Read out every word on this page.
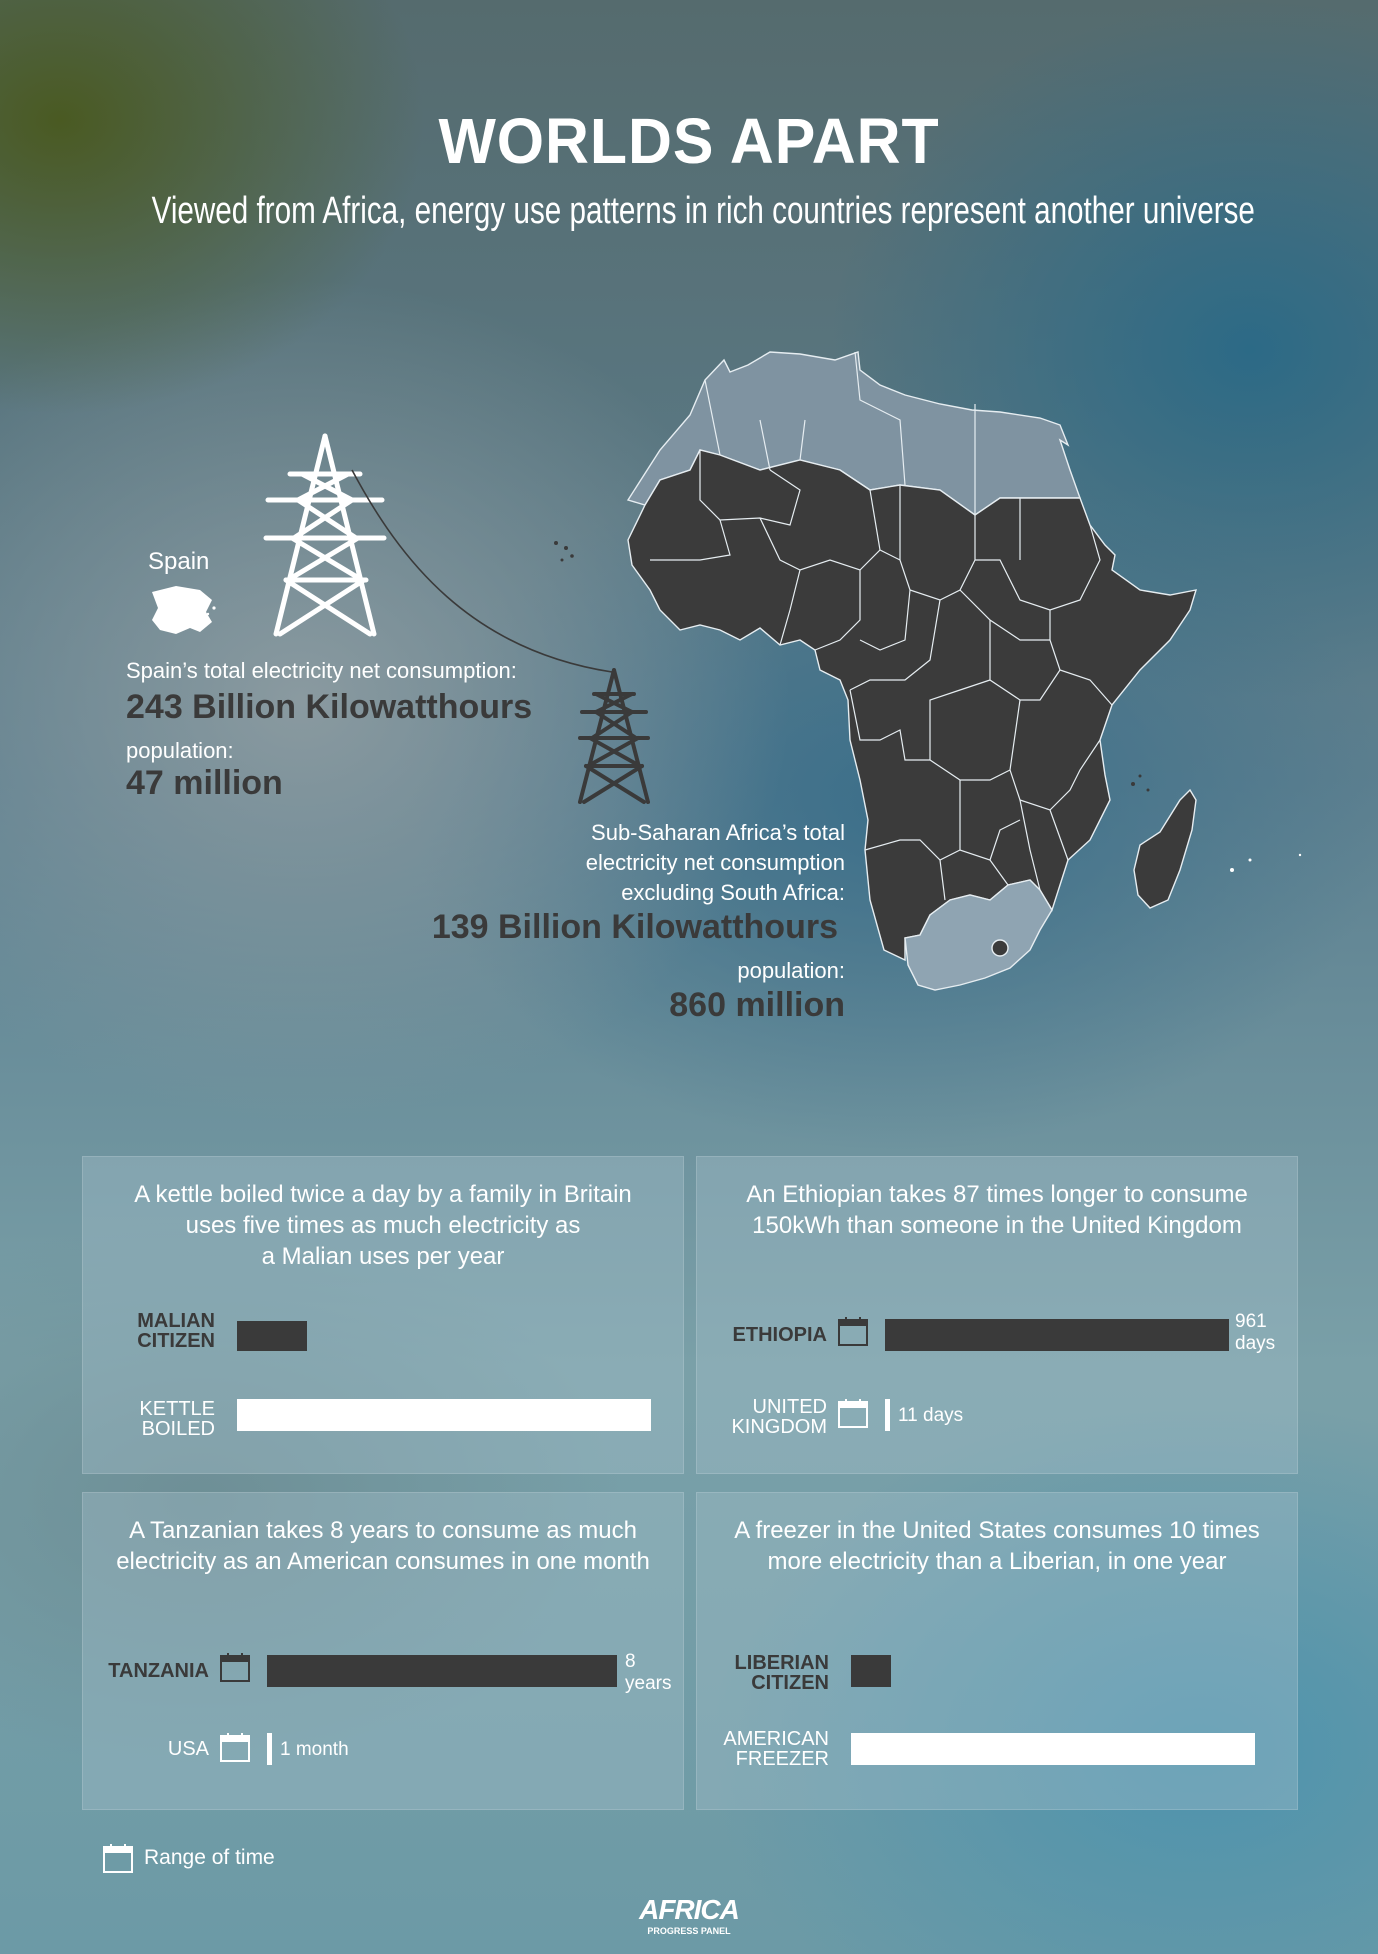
WORLDS APART
Viewed from Africa, energy use patterns in rich countries represent another universe
Spain
Spain’s total electricity net consumption:
243 Billion Kilowatthours
population:
47 million
Sub-Saharan Africa’s total
electricity net consumption
excluding South Africa:
139 Billion Kilowatthours
population:
860 million
A kettle boiled twice a day by a family in Britain
uses five times as much electricity as
a Malian uses per year
MALIAN
CITIZEN
KETTLE
BOILED
An Ethiopian takes 87 times longer to consume
150kWh than someone in the United Kingdom
ETHIOPIA
961
days
UNITED
KINGDOM
11 days
A Tanzanian takes 8 years to consume as much
electricity as an American consumes in one month
TANZANIA	8
years
USA	1 month
A freezer in the United States consumes 10 times
more electricity than a Liberian, in one year
LIBERIAN
CITIZEN
AMERICAN
FREEZER
Range of time
AFRICA
PROGRESS PANEL
